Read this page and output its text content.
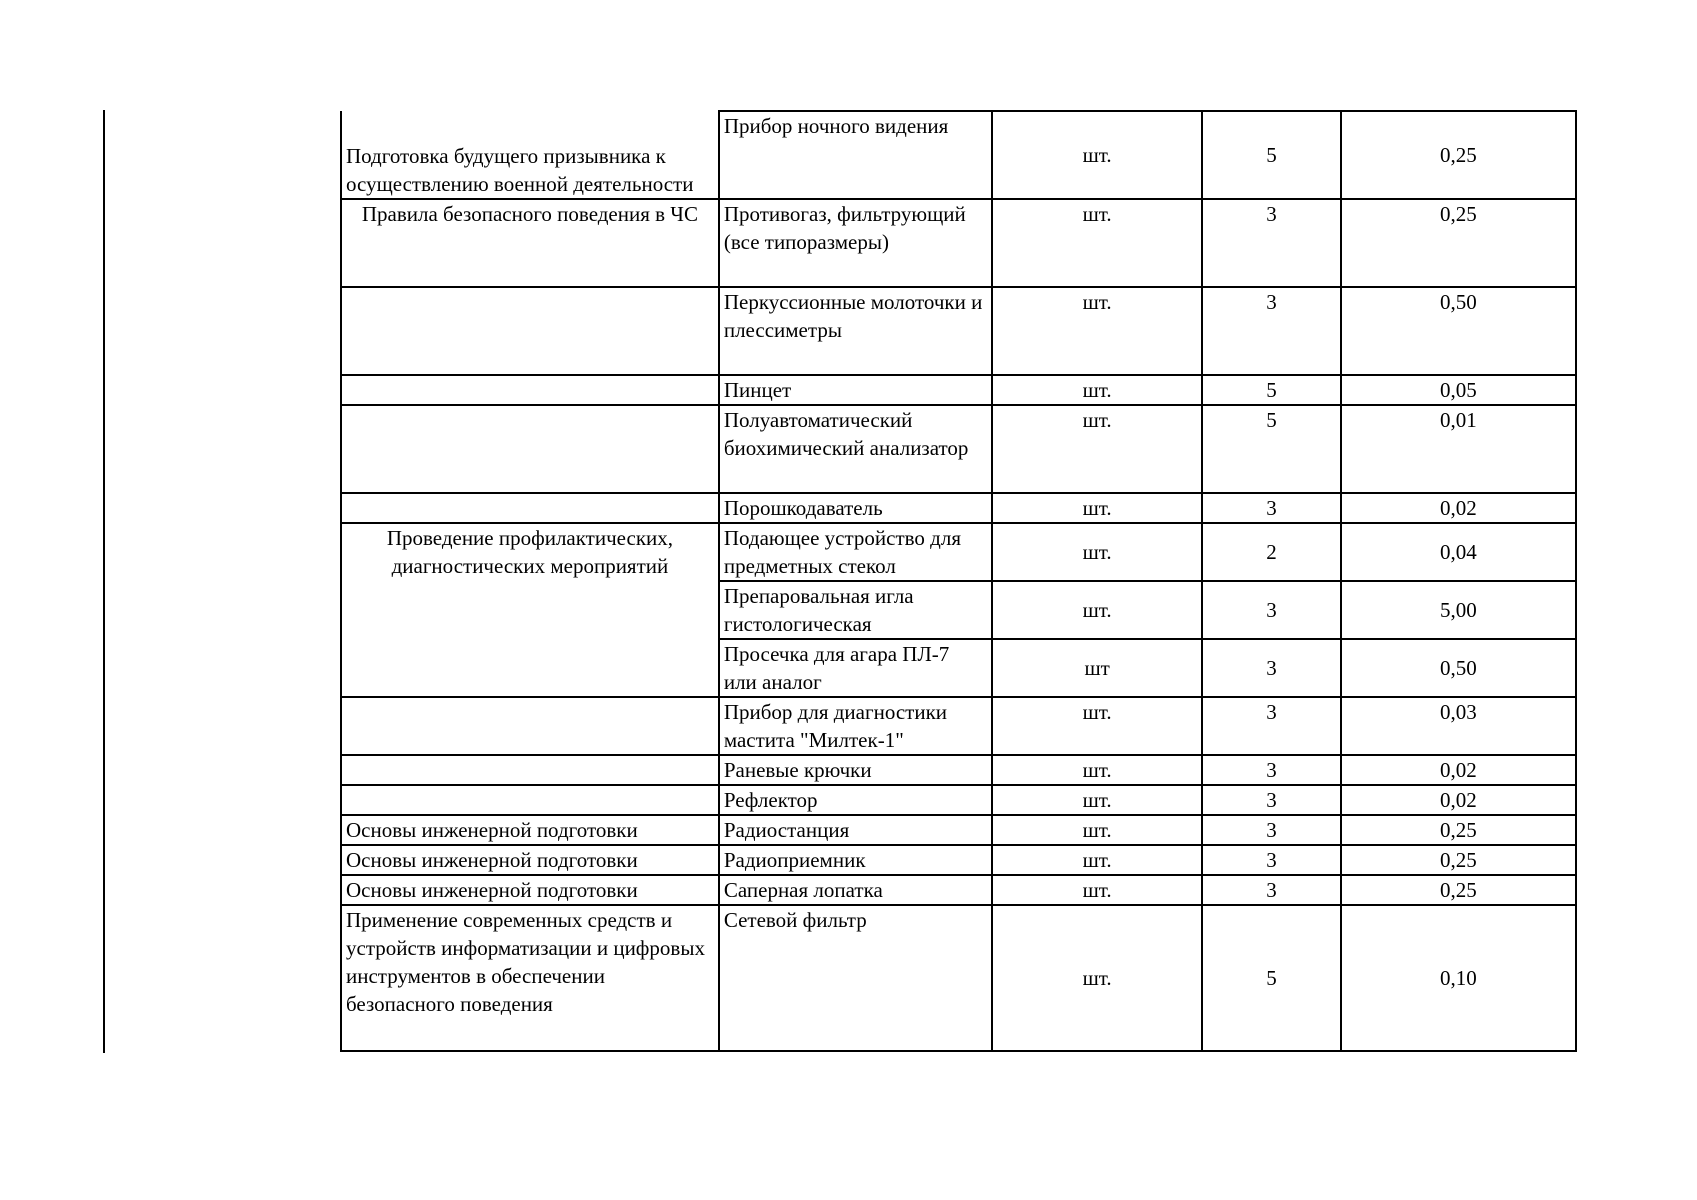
Подготовка будущего призывника к осуществлению военной деятельности	Прибор ночного видения	шт.	5	0,25

Правила безопасного поведения в ЧС	Противогаз, фильтрующий (все типоразмеры)	шт.	3	0,25

	Перкуссионные молоточки и плессиметры	шт.	3	0,50

	Пинцет	шт.	5	0,05

	Полуавтоматический биохимический анализатор	шт.	5	0,01

	Порошкодаватель	шт.	3	0,02

Проведение профилактических, диагностических мероприятий	Подающее устройство для предметных стекол	шт.	2	0,04

	Препаровальная игла гистологическая	шт.	3	5,00

	Просечка для агара ПЛ-7 или аналог	шт	3	0,50

	Прибор для диагностики мастита "Милтек-1"	шт.	3	0,03

	Раневые крючки	шт.	3	0,02

	Рефлектор	шт.	3	0,02

Основы инженерной подготовки	Радиостанция	шт.	3	0,25

Основы инженерной подготовки	Радиоприемник	шт.	3	0,25

Основы инженерной подготовки	Саперная лопатка	шт.	3	0,25

Применение современных средств и устройств информатизации и цифровых инструментов в обеспечении безопасного поведения	Сетевой фильтр	шт.	5	0,10
